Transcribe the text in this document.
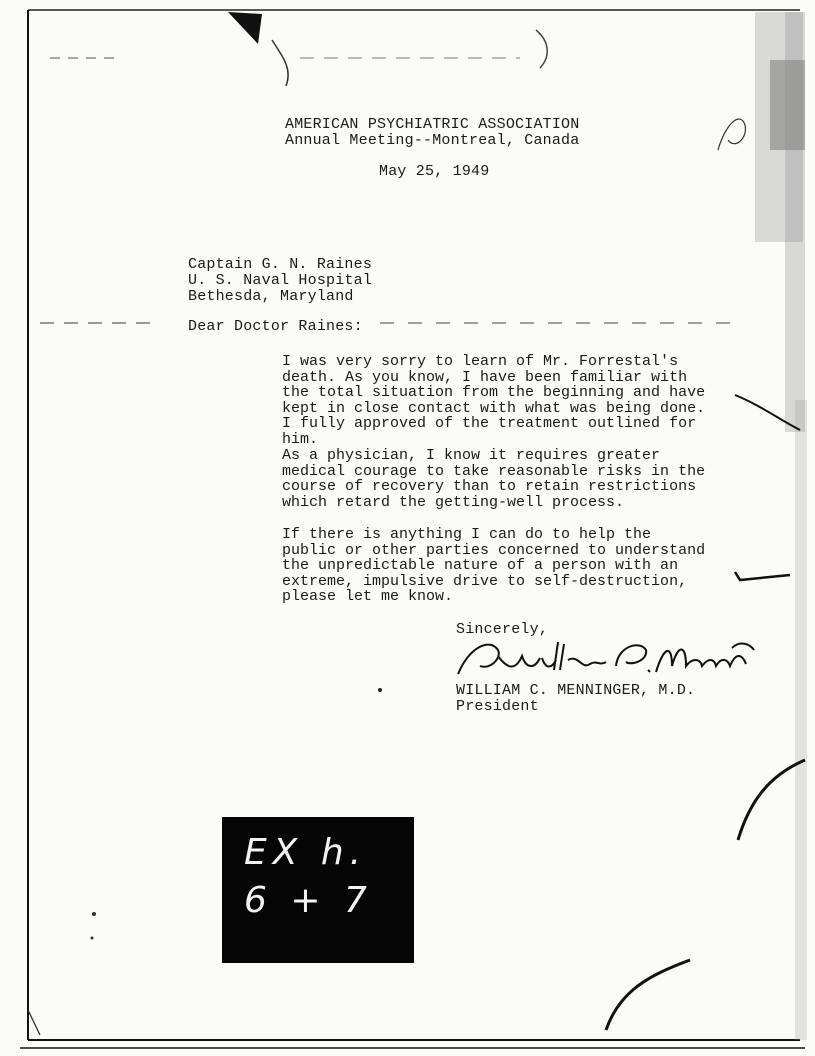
AMERICAN PSYCHIATRIC ASSOCIATION
Annual Meeting--Montreal, Canada
May 25, 1949
Captain G. N. Raines
U. S. Naval Hospital
Bethesda, Maryland
Dear Doctor Raines:

I was very sorry to learn of Mr. Forrestal's death. As you know, I have been familiar with the total situation from the beginning and have kept in close contact with what was being done. I fully approved of the treatment outlined for him.

As a physician, I know it requires greater medical courage to take reasonable risks in the course of recovery than to retain restrictions which retard the getting-well process.

If there is anything I can do to help the public or other parties concerned to understand the unpredictable nature of a person with an extreme, impulsive drive to self-destruction, please let me know.

Sincerely,
WILLIAM C. MENNINGER, M.D.
President
EX h.
6 + 7
